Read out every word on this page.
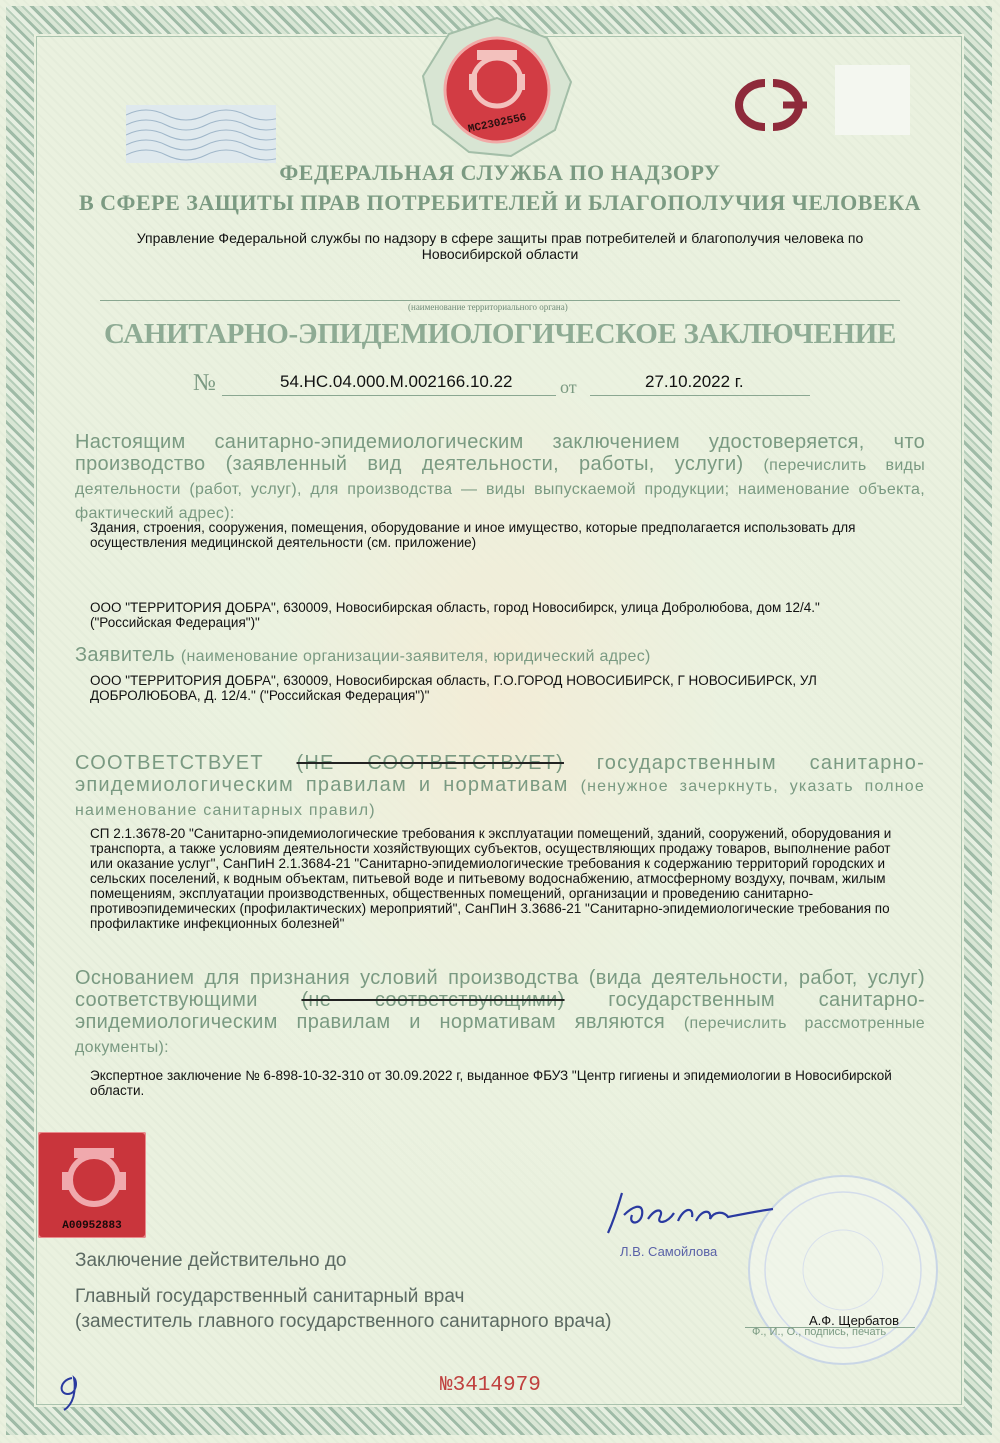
MC2302556
ФЕДЕРАЛЬНАЯ СЛУЖБА ПО НАДЗОРУ
В СФЕРЕ ЗАЩИТЫ ПРАВ ПОТРЕБИТЕЛЕЙ И БЛАГОПОЛУЧИЯ ЧЕЛОВЕКА
Управление Федеральной службы по надзору в сфере защиты прав потребителей и благополучия человека по Новосибирской области
(наименование территориального органа)
САНИТАРНО-ЭПИДЕМИОЛОГИЧЕСКОЕ ЗАКЛЮЧЕНИЕ
№	54.НС.04.000.М.002166.10.22	от	27.10.2022 г.
Настоящим санитарно-эпидемиологическим заключением удостоверяется, что производство (заявленный вид деятельности, работы, услуги) (перечислить виды деятельности (работ, услуг), для производства — виды выпускаемой продукции; наименование объекта, фактический адрес):
Здания, строения, сооружения, помещения, оборудование и иное имущество, которые предполагается использовать для осуществления медицинской деятельности (см. приложение)
ООО "ТЕРРИТОРИЯ ДОБРА", 630009, Новосибирская область, город Новосибирск, улица Добролюбова, дом 12/4." ("Российская Федерация")"
Заявитель (наименование организации-заявителя, юридический адрес)
ООО "ТЕРРИТОРИЯ ДОБРА", 630009, Новосибирская область, Г.О.ГОРОД НОВОСИБИРСК, Г НОВОСИБИРСК, УЛ ДОБРОЛЮБОВА, Д. 12/4." ("Российская Федерация")"
СООТВЕТСТВУЕТ (НЕ СООТВЕТСТВУЕТ) государственным санитарно-эпидемиологическим правилам и нормативам (ненужное зачеркнуть, указать полное наименование санитарных правил)
СП 2.1.3678-20 "Санитарно-эпидемиологические требования к эксплуатации помещений, зданий, сооружений, оборудования и транспорта, а также условиям деятельности хозяйствующих субъектов, осуществляющих продажу товаров, выполнение работ или оказание услуг", СанПиН 2.1.3684-21 "Санитарно-эпидемиологические требования к содержанию территорий городских и сельских поселений, к водным объектам, питьевой воде и питьевому водоснабжению, атмосферному воздуху, почвам, жилым помещениям, эксплуатации производственных, общественных помещений, организации и проведению санитарно-противоэпидемических (профилактических) мероприятий", СанПиН 3.3686-21 "Санитарно-эпидемиологические требования по профилактике инфекционных болезней"
Основанием для признания условий производства (вида деятельности, работ, услуг) соответствующими (не соответствующими) государственным санитарно-эпидемиологическим правилам и нормативам являются (перечислить рассмотренные документы):
Экспертное заключение № 6-898-10-32-310 от 30.09.2022 г, выданное ФБУЗ "Центр гигиены и эпидемиологии в Новосибирской области.
A00952883
Л.В. Самойлова
Заключение действительно до
Главный государственный санитарный врач
(заместитель главного государственного санитарного врача)	А.Ф. Щербатов
Ф., И., О., подпись, печать
№3414979
